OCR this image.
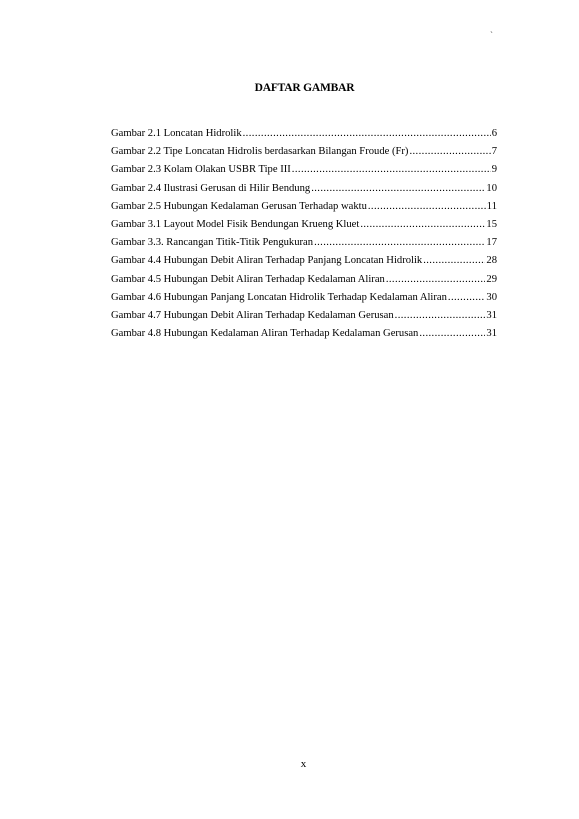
`
DAFTAR GAMBAR
Gambar 2.1 Loncatan Hidrolik .....	6
Gambar 2.2 Tipe Loncatan Hidrolis berdasarkan Bilangan Froude (Fr) .....	7
Gambar 2.3 Kolam Olakan USBR Tipe III .....	9
Gambar 2.4 Ilustrasi Gerusan di Hilir Bendung .....	10
Gambar 2.5 Hubungan Kedalaman Gerusan Terhadap waktu .....	11
Gambar 3.1 Layout Model Fisik Bendungan Krueng Kluet .....	15
Gambar 3.3. Rancangan Titik-Titik Pengukuran .....	17
Gambar 4.4 Hubungan Debit Aliran Terhadap Panjang Loncatan Hidrolik .....	28
Gambar 4.5 Hubungan Debit Aliran Terhadap Kedalaman Aliran .....	29
Gambar 4.6 Hubungan Panjang Loncatan Hidrolik Terhadap Kedalaman Aliran .....	30
Gambar 4.7 Hubungan Debit Aliran Terhadap Kedalaman Gerusan .....	31
Gambar 4.8 Hubungan Kedalaman Aliran Terhadap Kedalaman Gerusan .....	31
x
